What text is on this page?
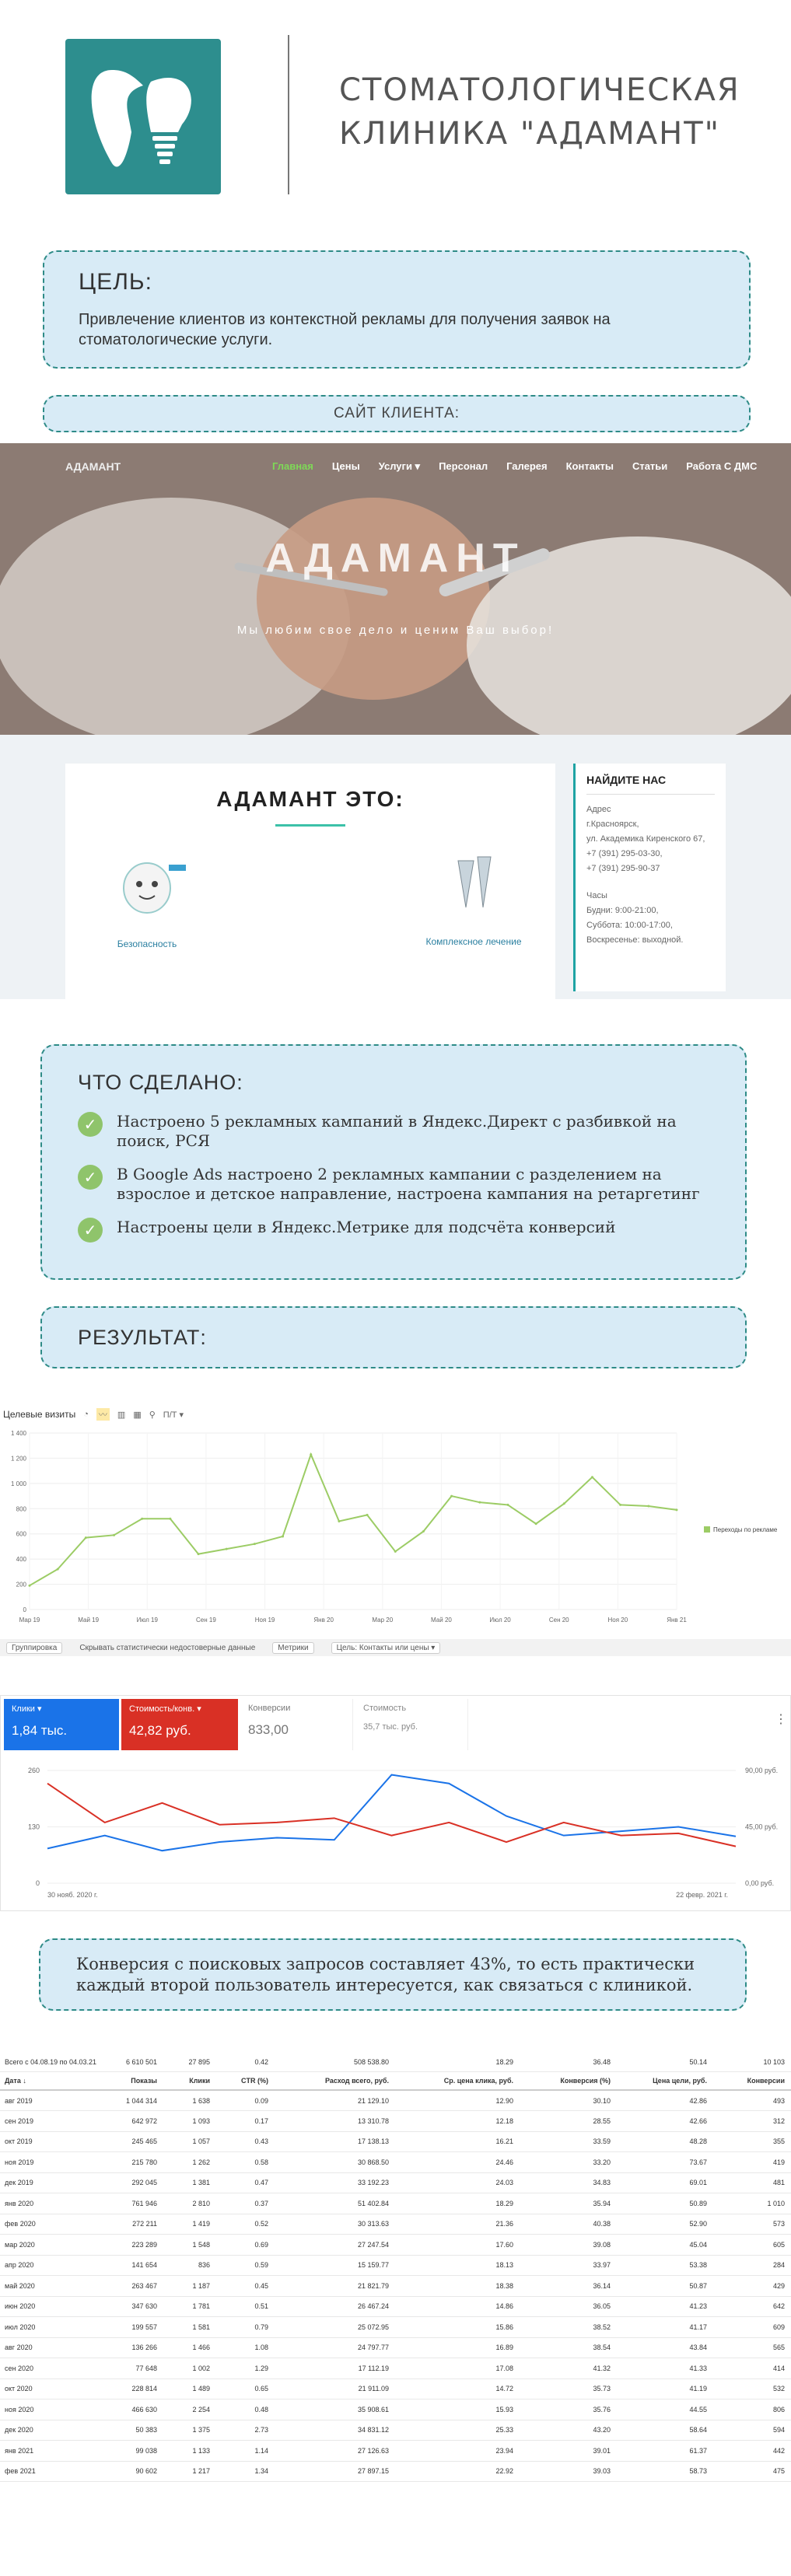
СТОМАТОЛОГИЧЕСКАЯ
КЛИНИКА "АДАМАНТ"
ЦЕЛЬ:
Привлечение клиентов из контекстной рекламы для получения заявок на стоматологические услуги.
САЙТ КЛИЕНТА:
АДАМАНТ	Главная Цены Услуги ▾ Персонал Галерея Контакты Статьи Работа С ДМС
АДАМАНТ
Мы любим свое дело и ценим Ваш выбор!
АДАМАНТ ЭТО:
Безопасность	Комплексное лечение
НАЙДИТЕ НАС
Адрес
г.Красноярск,
ул. Академика Киренского 67,
+7 (391) 295-03-30,
+7 (391) 295-90-37
Часы
Будни: 9:00-21:00,
Суббота: 10:00-17:00,
Воскресенье: выходной.
ЧТО СДЕЛАНО:
✓	Настроено 5 рекламных кампаний в Яндекс.Директ с разбивкой на поиск, РСЯ
✓	В Google Ads настроено 2 рекламных кампании с разделением на взрослое и детское направление, настроена кампания на ретаргетинг
✓	Настроены цели в Яндекс.Метрике для подсчёта конверсий
РЕЗУЛЬТАТ:
Целевые визиты ◔ 〰 ▥ ▦ ⚲ П/Т ▾
0
200
400
600
800
1 000
1 200
1 400
Мар 19	Май 19	Июл 19	Сен 19	Ноя 19	Янв 20	Мар 20	Май 20	Июл 20	Сен 20	Ноя 20	Янв 21
Переходы по рекламе
Группировка	Скрывать статистически недостоверные данные	Метрики	Цель: Контакты или цены ▾
Клики ▾
1,84 тыс.
Стоимость/конв. ▾
42,82 руб.
Конверсии
833,00
Стоимость
35,7 тыс. руб.
⋮
0
130
260
0,00 руб.
45,00 руб.
90,00 руб.
30 нояб. 2020 г.	22 февр. 2021 г.
Конверсия с поисковых запросов составляет 43%, то есть практически каждый второй пользователь интересуется, как связаться с клиникой.
Всего с 04.08.19 по 04.03.21	6 610 501	27 895	0.42	508 538.80	18.29	36.48	50.14	10 103
Дата ↓	Показы	Клики	CTR (%)	Расход всего, руб.	Ср. цена клика, руб.	Конверсия (%)	Цена цели, руб.	Конверсии
авг 2019	1 044 314	1 638	0.09	21 129.10	12.90	30.10	42.86	493
сен 2019	642 972	1 093	0.17	13 310.78	12.18	28.55	42.66	312
окт 2019	245 465	1 057	0.43	17 138.13	16.21	33.59	48.28	355
ноя 2019	215 780	1 262	0.58	30 868.50	24.46	33.20	73.67	419
дек 2019	292 045	1 381	0.47	33 192.23	24.03	34.83	69.01	481
янв 2020	761 946	2 810	0.37	51 402.84	18.29	35.94	50.89	1 010
фев 2020	272 211	1 419	0.52	30 313.63	21.36	40.38	52.90	573
мар 2020	223 289	1 548	0.69	27 247.54	17.60	39.08	45.04	605
апр 2020	141 654	836	0.59	15 159.77	18.13	33.97	53.38	284
май 2020	263 467	1 187	0.45	21 821.79	18.38	36.14	50.87	429
июн 2020	347 630	1 781	0.51	26 467.24	14.86	36.05	41.23	642
июл 2020	199 557	1 581	0.79	25 072.95	15.86	38.52	41.17	609
авг 2020	136 266	1 466	1.08	24 797.77	16.89	38.54	43.84	565
сен 2020	77 648	1 002	1.29	17 112.19	17.08	41.32	41.33	414
окт 2020	228 814	1 489	0.65	21 911.09	14.72	35.73	41.19	532
ноя 2020	466 630	2 254	0.48	35 908.61	15.93	35.76	44.55	806
дек 2020	50 383	1 375	2.73	34 831.12	25.33	43.20	58.64	594
янв 2021	99 038	1 133	1.14	27 126.63	23.94	39.01	61.37	442
фев 2021	90 602	1 217	1.34	27 897.15	22.92	39.03	58.73	475
